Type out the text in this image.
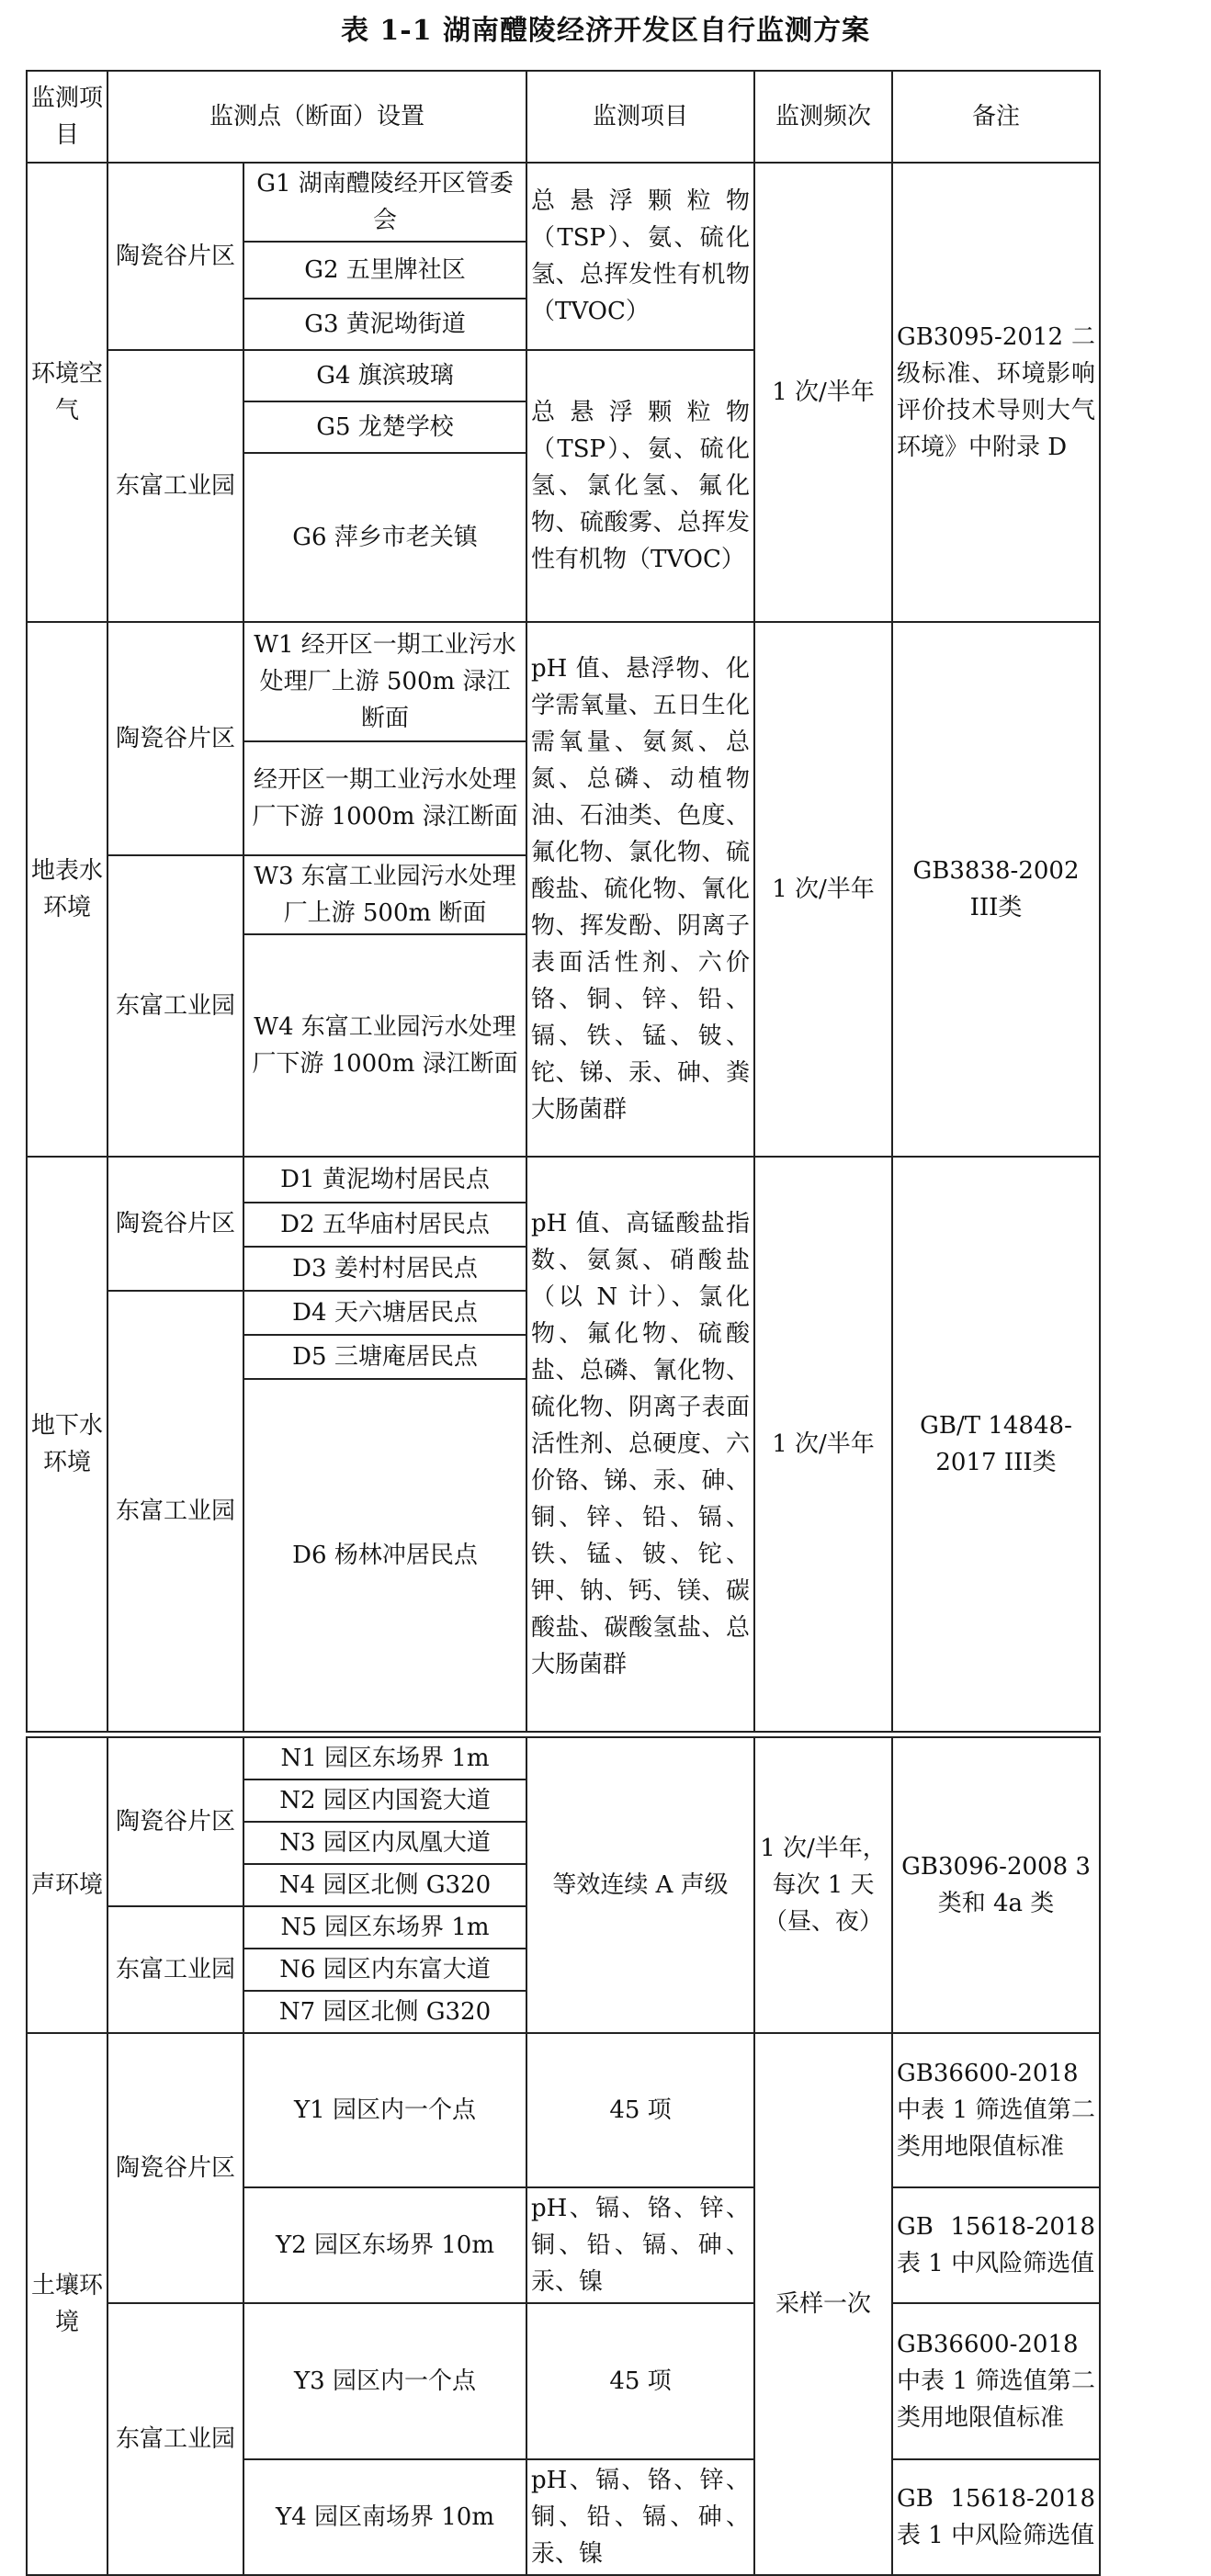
表 1-1 湖南醴陵经济开发区自行监测方案
监测项目	监测点（断面）设置		监测项目	监测频次	备注
环境空气	陶瓷谷片区	G1 湖南醴陵经开区管委会	总悬浮颗粒物（TSP）、氨、硫化氢、总挥发性有机物（TVOC）	1 次/半年	GB3095-2012 二级标准、环境影响评价技术导则大气环境》中附录 D
		G2 五里牌社区			
		G3 黄泥坳街道			
	东富工业园	G4 旗滨玻璃	总悬浮颗粒物（TSP）、氨、硫化氢、氯化氢、氟化物、硫酸雾、总挥发性有机物（TVOC）		
		G5 龙楚学校			
		G6 萍乡市老关镇			
地表水环境	陶瓷谷片区	W1 经开区一期工业污水处理厂上游 500m 渌江断面	pH 值、悬浮物、化学需氧量、五日生化需氧量、氨氮、总氮、总磷、动植物油、石油类、色度、氟化物、氯化物、硫酸盐、硫化物、氰化物、挥发酚、阴离子表面活性剂、六价铬、铜、锌、铅、镉、铁、锰、铍、铊、锑、汞、砷、粪大肠菌群	1 次/半年	GB3838-2002 III类
		经开区一期工业污水处理厂下游 1000m 渌江断面			
	东富工业园	W3 东富工业园污水处理厂上游 500m 断面			
		W4 东富工业园污水处理厂下游 1000m 渌江断面			
地下水环境	陶瓷谷片区	D1 黄泥坳村居民点	pH 值、高锰酸盐指数、氨氮、硝酸盐（以 N 计）、氯化物、氟化物、硫酸盐、总磷、氰化物、硫化物、阴离子表面活性剂、总硬度、六价铬、锑、汞、砷、铜、锌、铅、镉、铁、锰、铍、铊、钾、钠、钙、镁、碳酸盐、碳酸氢盐、总大肠菌群	1 次/半年	GB/T 14848-2017 III类
		D2 五华庙村居民点			
		D3 姜村村居民点			
	东富工业园	D4 天六塘居民点			
		D5 三塘庵居民点			
		D6 杨林冲居民点			

声环境	陶瓷谷片区	N1 园区东场界 1m	等效连续 A 声级	1 次/半年，每次 1 天（昼、夜）	GB3096-2008 3 类和 4a 类
		N2 园区内国瓷大道			
		N3 园区内凤凰大道			
		N4 园区北侧 G320			
	东富工业园	N5 园区东场界 1m			
		N6 园区内东富大道			
		N7 园区北侧 G320			
土壤环境	陶瓷谷片区	Y1 园区内一个点	45 项	采样一次	GB36600-2018 中表 1 筛选值第二类用地限值标准
		Y2 园区东场界 10m	pH、镉、铬、锌、铜、铅、镉、砷、汞、镍		GB 15618-2018 表 1 中风险筛选值
	东富工业园	Y3 园区内一个点	45 项		GB36600-2018 中表 1 筛选值第二类用地限值标准
		Y4 园区南场界 10m	pH、镉、铬、锌、铜、铅、镉、砷、汞、镍		GB 15618-2018 表 1 中风险筛选值
